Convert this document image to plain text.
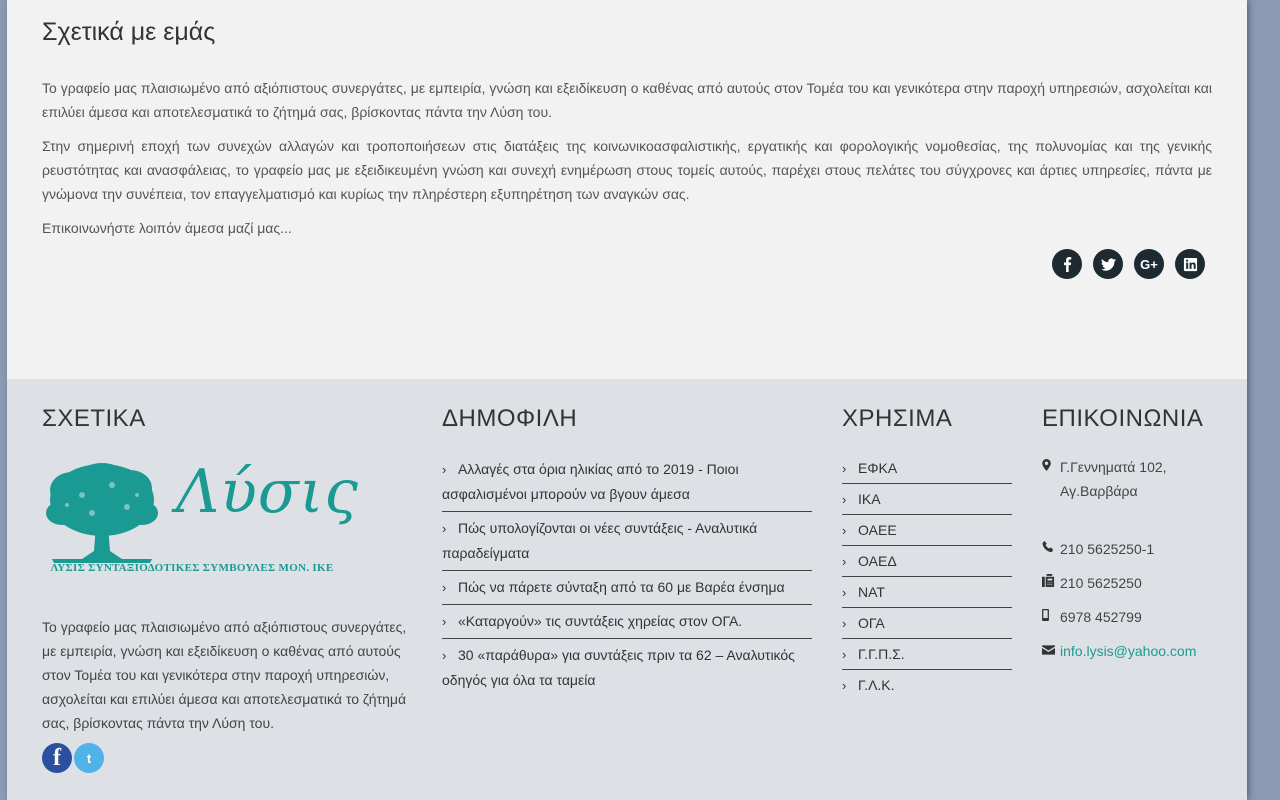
Σχετικά με εμάς

Το γραφείο μας πλαισιωμένο από αξιόπιστους συνεργάτες, με εμπειρία, γνώση και εξειδίκευση ο καθένας από αυτούς στον Τομέα του και γενικότερα στην παροχή υπηρεσιών, ασχολείται και επιλύει άμεσα και αποτελεσματικά το ζήτημά σας, βρίσκοντας πάντα την Λύση του.

Στην σημερινή εποχή των συνεχών αλλαγών και τροποποιήσεων στις διατάξεις της κοινωνικοασφαλιστικής, εργατικής και φορολογικής νομοθεσίας, της πολυνομίας και της γενικής ρευστότητας και ανασφάλειας, το γραφείο μας με εξειδικευμένη γνώση και συνεχή ενημέρωση στους τομείς αυτούς, παρέχει στους πελάτες του σύγχρονες και άρτιες υπηρεσίες, πάντα με γνώμονα την συνέπεια, τον επαγγελματισμό και κυρίως την πληρέστερη εξυπηρέτηση των αναγκών σας.

Επικοινωνήστε λοιπόν άμεσα μαζί μας...

G+
ΣΧΕΤΙΚΑ
Λύσις
ΛΥΣΙΣ ΣΥΝΤΑΞΙΟΔΟΤΙΚΕΣ ΣΥΜΒΟΥΛΕΣ ΜΟΝ. ΙΚΕ

Το γραφείο μας πλαισιωμένο από αξιόπιστους συνεργάτες, με εμπειρία, γνώση και εξειδίκευση ο καθένας από αυτούς στον Τομέα του και γενικότερα στην παροχή υπηρεσιών, ασχολείται και επιλύει άμεσα και αποτελεσματικά το ζήτημά σας, βρίσκοντας πάντα την Λύση του.

f	t
ΔΗΜΟΦΙΛΗ
› Αλλαγές στα όρια ηλικίας από το 2019 - Ποιοι ασφαλισμένοι μπορούν να βγουν άμεσα
› Πώς υπολογίζονται οι νέες συντάξεις - Αναλυτικά παραδείγματα
› Πώς να πάρετε σύνταξη από τα 60 με Βαρέα ένσημα
› «Καταργούν» τις συντάξεις χηρείας στον ΟΓΑ.
› 30 «παράθυρα» για συντάξεις πριν τα 62 – Αναλυτικός οδηγός για όλα τα ταμεία
ΧΡΗΣΙΜΑ
› ΕΦΚΑ
› ΙΚΑ
› ΟΑΕΕ
› ΟΑΕΔ
› ΝΑΤ
› ΟΓΑ
› Γ.Γ.Π.Σ.
› Γ.Λ.Κ.
ΕΠΙΚΟΙΝΩΝΙΑ
Γ.Γεννηματά 102, Αγ.Βαρβάρα
210 5625250-1
210 5625250
6978 452799
info.lysis@yahoo.com
